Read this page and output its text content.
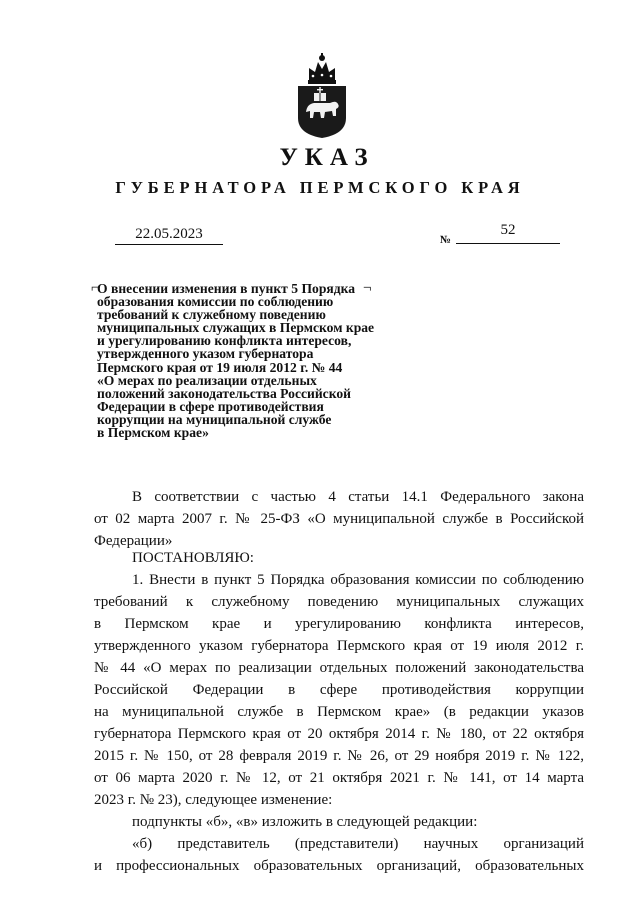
УКАЗ
ГУБЕРНАТОРА ПЕРМСКОГО КРАЯ
22.05.2023	№
52
⌐	¬
О внесении изменения в пункт 5 Порядка
образования комиссии по соблюдению
требований к служебному поведению
муниципальных служащих в Пермском крае
и урегулированию конфликта интересов,
утвержденного указом губернатора
Пермского края от 19 июля 2012 г. № 44
«О мерах по реализации отдельных
положений законодательства Российской
Федерации в сфере противодействия
коррупции на муниципальной службе
в Пермском крае»
В соответствии с частью 4 статьи 14.1 Федерального закона
от 02 марта 2007 г. № 25-ФЗ «О муниципальной службе в Российской
Федерации»
ПОСТАНОВЛЯЮ:
1. Внести в пункт 5 Порядка образования комиссии по соблюдению
требований к служебному поведению муниципальных служащих
в Пермском крае и урегулированию конфликта интересов,
утвержденного указом губернатора Пермского края от 19 июля 2012 г.
№ 44 «О мерах по реализации отдельных положений законодательства
Российской Федерации в сфере противодействия коррупции
на муниципальной службе в Пермском крае» (в редакции указов
губернатора Пермского края от 20 октября 2014 г. № 180, от 22 октября
2015 г. № 150, от 28 февраля 2019 г. № 26, от 29 ноября 2019 г. № 122,
от 06 марта 2020 г. № 12, от 21 октября 2021 г. № 141, от 14 марта
2023 г. № 23), следующее изменение:
подпункты «б», «в» изложить в следующей редакции:
«б) представитель (представители) научных организаций
и профессиональных образовательных организаций, образовательных
